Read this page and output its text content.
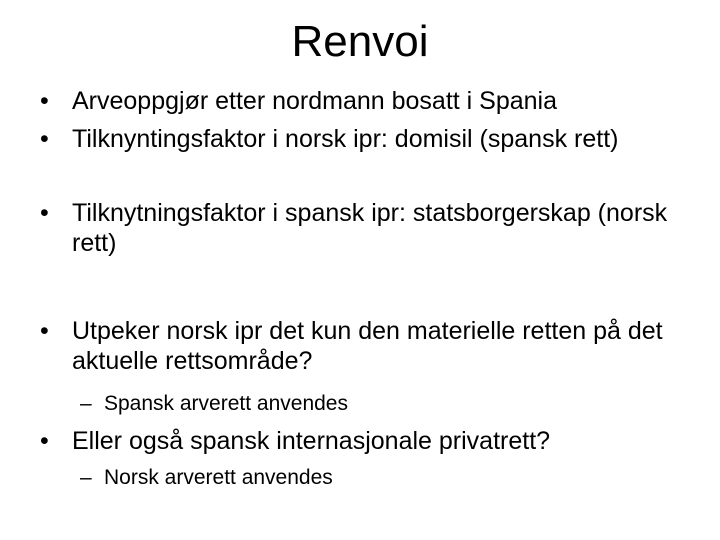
Renvoi
• Arveoppgjør etter nordmann bosatt i Spania
• Tilknyntingsfaktor i norsk ipr: domisil (spansk rett)
• Tilknytningsfaktor i spansk ipr: statsborgerskap (norsk rett)
• Utpeker norsk ipr det kun den materielle retten på det aktuelle rettsområde?
– Spansk arverett anvendes
• Eller også spansk internasjonale privatrett?
– Norsk arverett anvendes
